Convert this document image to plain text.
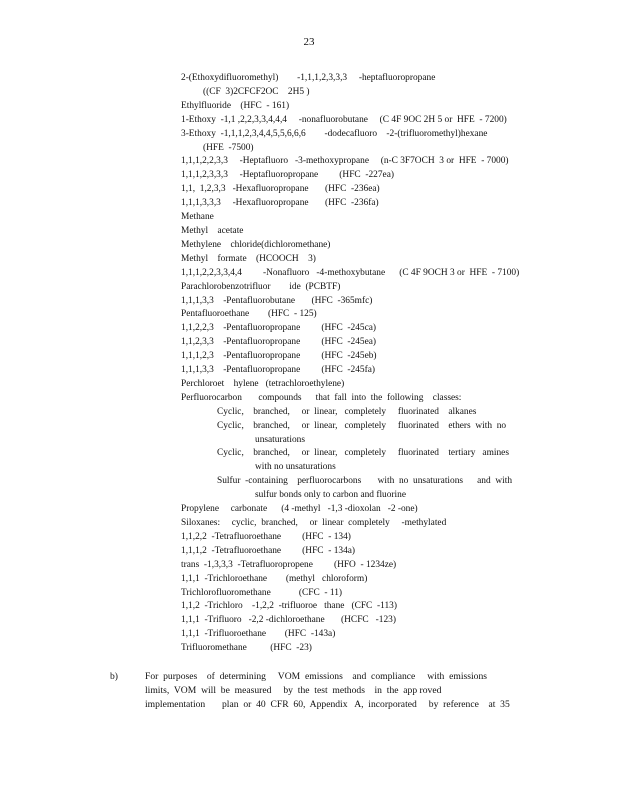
23
2-(Ethoxydifluoromethyl)        -1,1,1,2,3,3,3     -heptafluoropropane
((CF  3)2CFCF2OC    2H5 )
Ethylfluoride    (HFC  - 161)
1-Ethoxy  -1,1 ,2,2,3,3,4,4,4     -nonafluorobutane     (C 4F 9OC 2H 5 or  HFE  - 7200)
3-Ethoxy  -1,1,1,2,3,4,4,5,5,6,6,6        -dodecafluoro    -2-(trifluoromethyl)hexane
(HFE  -7500)
1,1,1,2,2,3,3     -Heptafluoro   -3-methoxypropane     (n-C 3F7OCH  3 or  HFE  - 7000)
1,1,1,2,3,3,3     -Heptafluoropropane         (HFC  -227ea)
1,1,  1,2,3,3   -Hexafluoropropane       (HFC  -236ea)
1,1,1,3,3,3     -Hexafluoropropane       (HFC  -236fa)
Methane
Methyl    acetate
Methylene    chloride(dichloromethane)
Methyl    formate    (HCOOCH    3)
1,1,1,2,2,3,3,4,4         -Nonafluoro   -4-methoxybutane      (C 4F 9OCH 3 or  HFE  - 7100)
Parachlorobenzotrifluor        ide  (PCBTF)
1,1,1,3,3    -Pentafluorobutane       (HFC  -365mfc)
Pentafluoroethane        (HFC  - 125)
1,1,2,2,3    -Pentafluoropropane         (HFC  -245ca)
1,1,2,3,3    -Pentafluoropropane         (HFC  -245ea)
1,1,1,2,3    -Pentafluoropropane         (HFC  -245eb)
1,1,1,3,3    -Pentafluoropropane         (HFC  -245fa)
Perchloroet    hylene   (tetrachloroethylene)
Perfluorocarbon       compounds      that  fall  into  the  following    classes:
Cyclic,    branched,     or  linear,   completely     fluorinated    alkanes
Cyclic,    branched,     or  linear,   completely     fluorinated    ethers  with  no
unsaturations
Cyclic,    branched,     or  linear,   completely     fluorinated    tertiary   amines
with no unsaturations
Sulfur  -containing    perfluorocarbons       with  no  unsaturations      and  with
sulfur bonds only to carbon and fluorine
Propylene     carbonate      (4 -methyl   -1,3 -dioxolan   -2 -one)
Siloxanes:     cyclic,  branched,     or  linear  completely     -methylated
1,1,2,2  -Tetrafluoroethane         (HFC  - 134)
1,1,1,2  -Tetrafluoroethane         (HFC  - 134a)
trans  -1,3,3,3  -Tetrafluoropropene         (HFO  - 1234ze)
1,1,1  -Trichloroethane        (methyl   chloroform)
Trichlorofluoromethane            (CFC  - 11)
1,1,2  -Trichloro    -1,2,2  -trifluoroe   thane   (CFC  -113)
1,1,1  -Trifluoro   -2,2 -dichloroethane       (HCFC   -123)
1,1,1  -Trifluoroethane        (HFC  -143a)
Trifluoromethane          (HFC  -23)
b)	For  purposes    of  determining     VOM  emissions    and  compliance     with  emissions
limits,  VOM  will  be  measured     by  the  test  methods    in  the  app roved
implementation       plan  or  40  CFR  60,  Appendix   A,  incorporated     by  reference    at  35
